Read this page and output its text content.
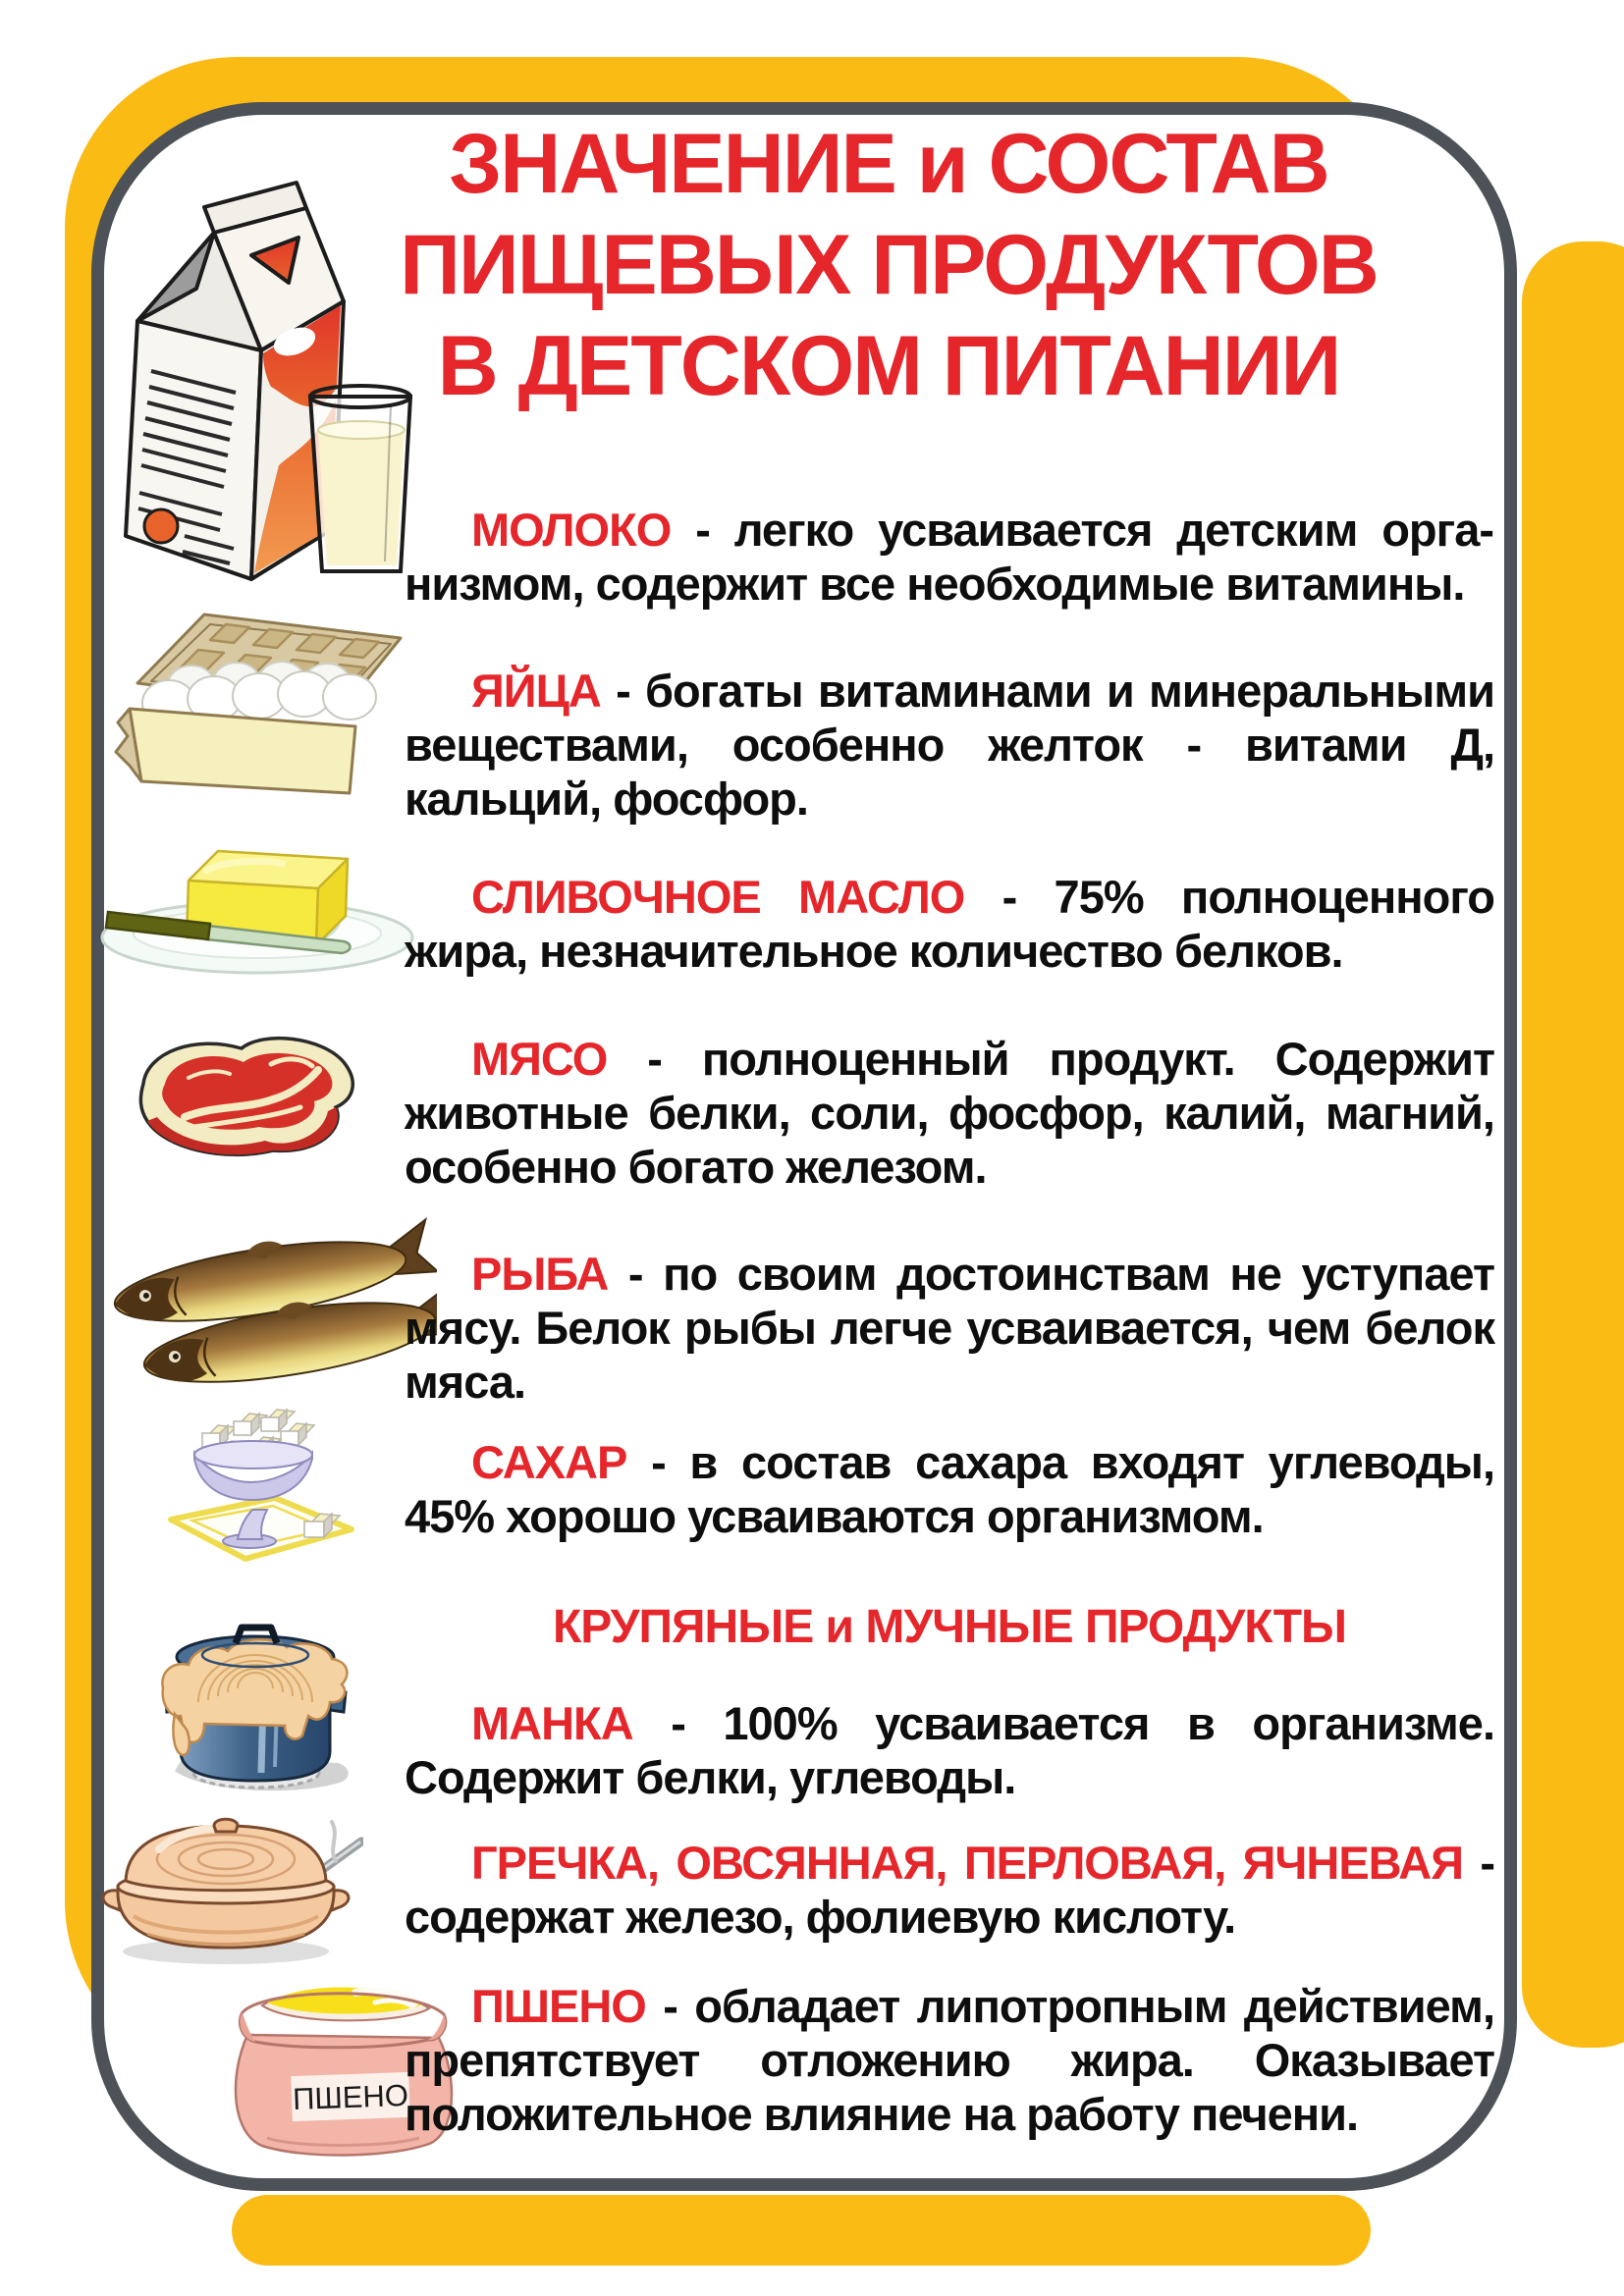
ЗНАЧЕНИЕ и СОСТАВ
ПИЩЕВЫХ ПРОДУКТОВ
В ДЕТСКОМ ПИТАНИИ
ПШЕНО

МОЛОКО - легко усваивается детским организмом, содержит все необходимые витамины.

ЯЙЦА - богаты витаминами и минеральными веществами, особенно желток - витами Д, кальций, фосфор.

СЛИВОЧНОЕ МАСЛО - 75% полноценного жира, незначительное количество белков.

МЯСО - полноценный продукт. Содержит животные белки, соли, фосфор, калий, магний, особенно богато железом.

РЫБА - по своим достоинствам не уступает мясу. Белок рыбы легче усваивается, чем белок мяса.

САХАР - в состав сахара входят углеводы, 45% хорошо усваиваются организмом.

КРУПЯНЫЕ и МУЧНЫЕ ПРОДУКТЫ

МАНКА - 100% усваивается в организме. Содержит белки, углеводы.

ГРЕЧКА, ОВСЯННАЯ, ПЕРЛОВАЯ, ЯЧНЕВАЯ - содержат железо, фолиевую кислоту.

ПШЕНО - обладает липотропным действием, препятствует отложению жира. Оказывает положительное влияние на работу печени.
